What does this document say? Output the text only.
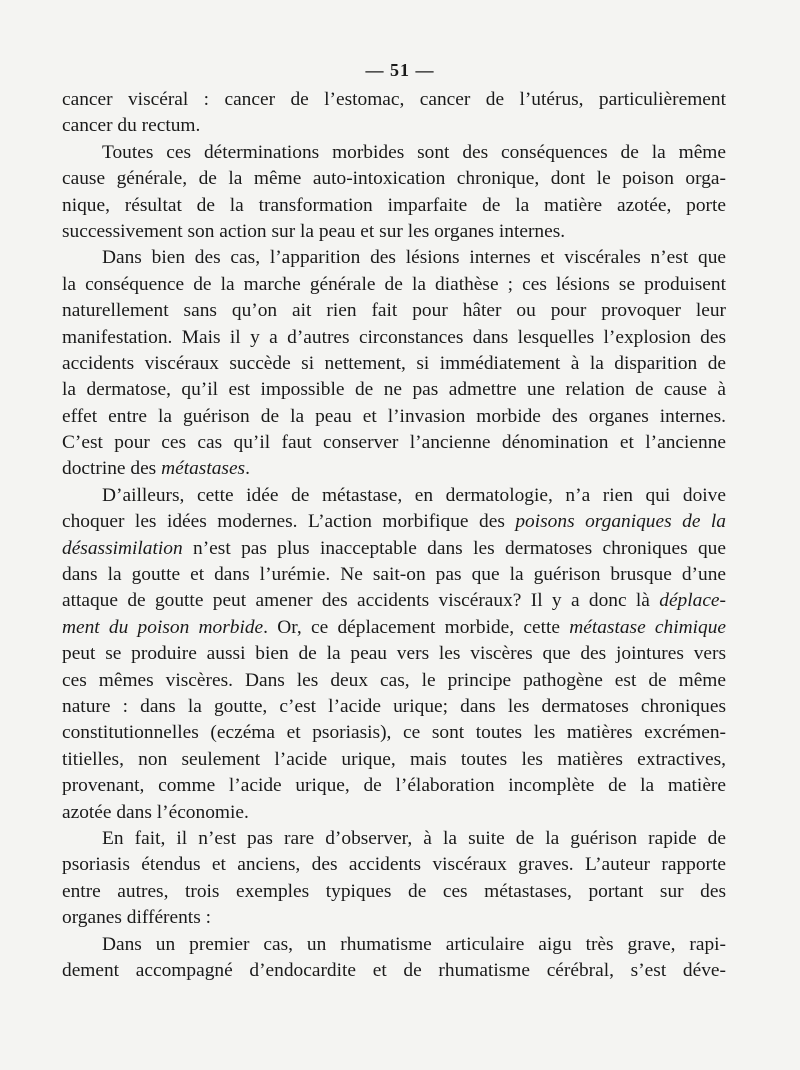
— 51 —
cancer viscéral : cancer de l’estomac, cancer de l’utérus, particulièrement
cancer du rectum.
Toutes ces déterminations morbides sont des conséquences de la même
cause générale, de la même auto-intoxication chronique, dont le poison orga-
nique, résultat de la transformation imparfaite de la matière azotée, porte
successivement son action sur la peau et sur les organes internes.
Dans bien des cas, l’apparition des lésions internes et viscérales n’est que
la conséquence de la marche générale de la diathèse ; ces lésions se produisent
naturellement sans qu’on ait rien fait pour hâter ou pour provoquer leur
manifestation. Mais il y a d’autres circonstances dans lesquelles l’explosion des
accidents viscéraux succède si nettement, si immédiatement à la disparition de
la dermatose, qu’il est impossible de ne pas admettre une relation de cause à
effet entre la guérison de la peau et l’invasion morbide des organes internes.
C’est pour ces cas qu’il faut conserver l’ancienne dénomination et l’ancienne
doctrine des métastases.
D’ailleurs, cette idée de métastase, en dermatologie, n’a rien qui doive
choquer les idées modernes. L’action morbifique des poisons organiques de la
désassimilation n’est pas plus inacceptable dans les dermatoses chroniques que
dans la goutte et dans l’urémie. Ne sait-on pas que la guérison brusque d’une
attaque de goutte peut amener des accidents viscéraux? Il y a donc là déplace-
ment du poison morbide. Or, ce déplacement morbide, cette métastase chimique
peut se produire aussi bien de la peau vers les viscères que des jointures vers
ces mêmes viscères. Dans les deux cas, le principe pathogène est de même
nature : dans la goutte, c’est l’acide urique; dans les dermatoses chroniques
constitutionnelles (eczéma et psoriasis), ce sont toutes les matières excrémen-
titielles, non seulement l’acide urique, mais toutes les matières extractives,
provenant, comme l’acide urique, de l’élaboration incomplète de la matière
azotée dans l’économie.
En fait, il n’est pas rare d’observer, à la suite de la guérison rapide de
psoriasis étendus et anciens, des accidents viscéraux graves. L’auteur rapporte
entre autres, trois exemples typiques de ces métastases, portant sur des
organes différents :
Dans un premier cas, un rhumatisme articulaire aigu très grave, rapi-
dement accompagné d’endocardite et de rhumatisme cérébral, s’est déve-
